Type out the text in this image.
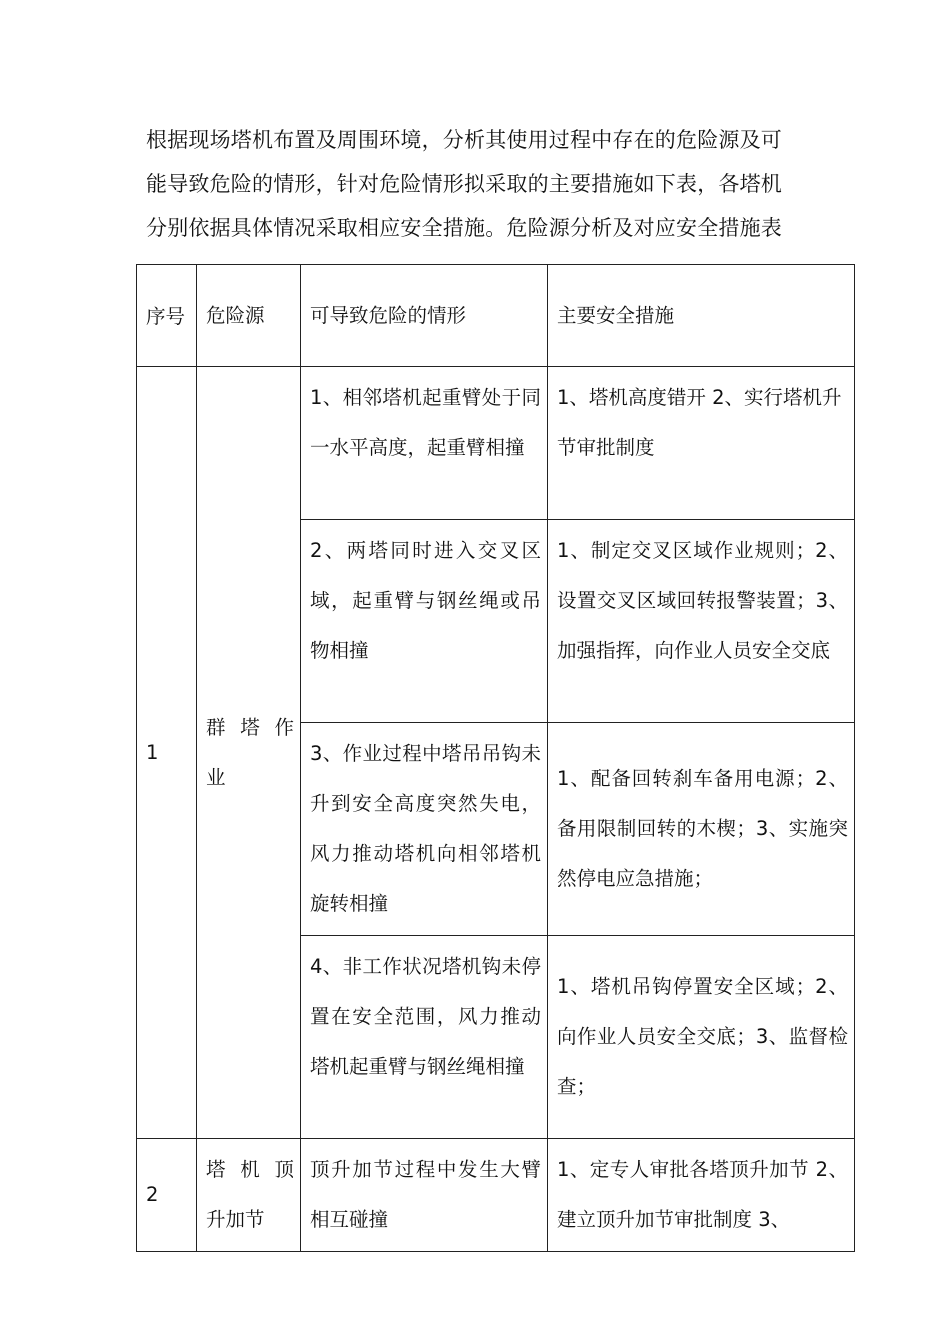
根据现场塔机布置及周围环境，分析其使用过程中存在的危险源及可

能导致危险的情形，针对危险情形拟采取的主要措施如下表，各塔机

分别依据具体情况采取相应安全措施。危险源分析及对应安全措施表

序号	危险源	可导致危险的情形	主要安全措施
1	群 塔 作 业	1、相邻塔机起重臂处于同一水平高度，起重臂相撞	1、塔机高度错开 2、实行塔机升节审批制度
		2、两塔同时进入交叉区域，起重臂与钢丝绳或吊物相撞	1、制定交叉区域作业规则；2、设置交叉区域回转报警装置；3、加强指挥，向作业人员安全交底
		3、作业过程中塔吊吊钩未升到安全高度突然失电，风力推动塔机向相邻塔机旋转相撞	1、配备回转刹车备用电源；2、备用限制回转的木楔；3、实施突然停电应急措施；
		4、非工作状况塔机钩未停置在安全范围，风力推动塔机起重臂与钢丝绳相撞	1、塔机吊钩停置安全区域；2、向作业人员安全交底；3、监督检查；
2	塔 机 顶 升加节	顶升加节过程中发生大臂相互碰撞	1、定专人审批各塔顶升加节 2、建立顶升加节审批制度 3、
